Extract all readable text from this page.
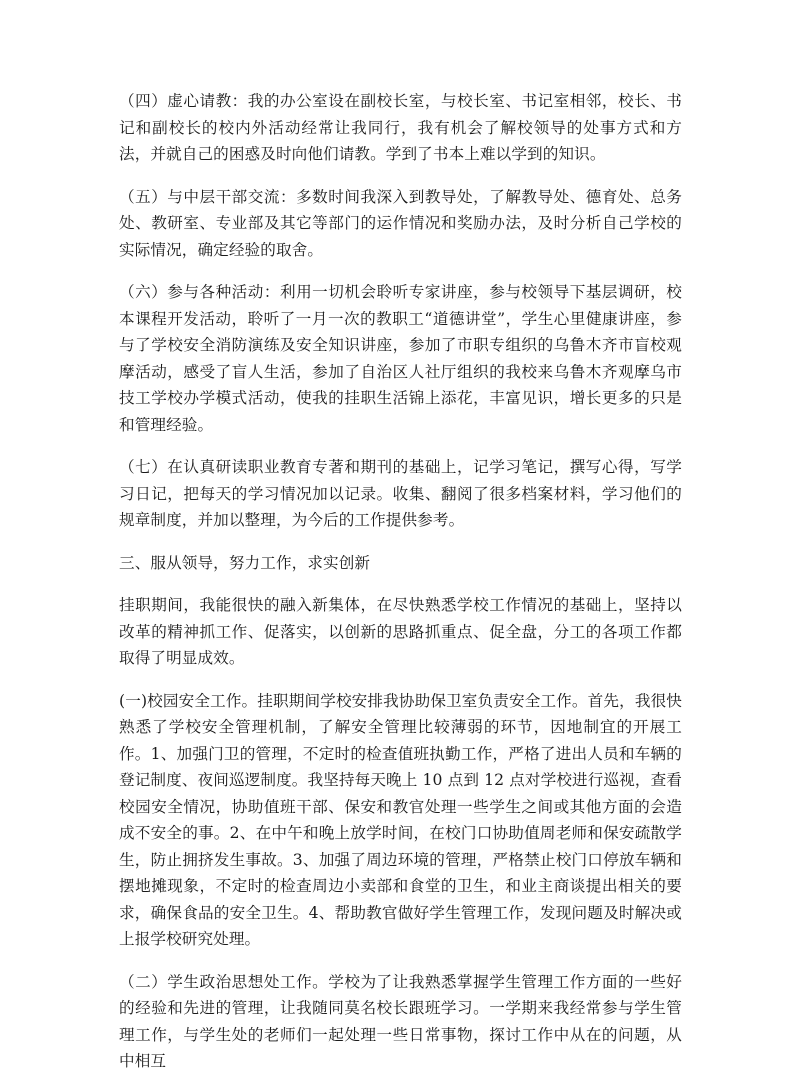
（四）虚心请教：我的办公室设在副校长室，与校长室、书记室相邻，校长、书记和副校长的校内外活动经常让我同行，我有机会了解校领导的处事方式和方法，并就自己的困惑及时向他们请教。学到了书本上难以学到的知识。

（五）与中层干部交流：多数时间我深入到教导处，了解教导处、德育处、总务处、教研室、专业部及其它等部门的运作情况和奖励办法，及时分析自己学校的实际情况，确定经验的取舍。

（六）参与各种活动：利用一切机会聆听专家讲座，参与校领导下基层调研，校本课程开发活动，聆听了一月一次的教职工“道德讲堂”，学生心里健康讲座，参与了学校安全消防演练及安全知识讲座，参加了市职专组织的乌鲁木齐市盲校观摩活动，感受了盲人生活，参加了自治区人社厅组织的我校来乌鲁木齐观摩乌市技工学校办学模式活动，使我的挂职生活锦上添花，丰富见识，增长更多的只是和管理经验。

（七）在认真研读职业教育专著和期刊的基础上，记学习笔记，撰写心得，写学习日记，把每天的学习情况加以记录。收集、翻阅了很多档案材料，学习他们的规章制度，并加以整理，为今后的工作提供参考。

三、服从领导，努力工作，求实创新

挂职期间，我能很快的融入新集体，在尽快熟悉学校工作情况的基础上，坚持以改革的精神抓工作、促落实，以创新的思路抓重点、促全盘，分工的各项工作都取得了明显成效。

(一)校园安全工作。挂职期间学校安排我协助保卫室负责安全工作。首先，我很快熟悉了学校安全管理机制，了解安全管理比较薄弱的环节，因地制宜的开展工作。1、加强门卫的管理，不定时的检查值班执勤工作，严格了进出人员和车辆的登记制度、夜间巡逻制度。我坚持每天晚上 10 点到 12 点对学校进行巡视，查看校园安全情况，协助值班干部、保安和教官处理一些学生之间或其他方面的会造成不安全的事。2、在中午和晚上放学时间，在校门口协助值周老师和保安疏散学生，防止拥挤发生事故。3、加强了周边环境的管理，严格禁止校门口停放车辆和摆地摊现象，不定时的检查周边小卖部和食堂的卫生，和业主商谈提出相关的要求，确保食品的安全卫生。4、帮助教官做好学生管理工作，发现问题及时解决或上报学校研究处理。

（二）学生政治思想处工作。学校为了让我熟悉掌握学生管理工作方面的一些好的经验和先进的管理，让我随同莫名校长跟班学习。一学期来我经常参与学生管理工作，与学生处的老师们一起处理一些日常事物，探讨工作中从在的问题，从中相互
